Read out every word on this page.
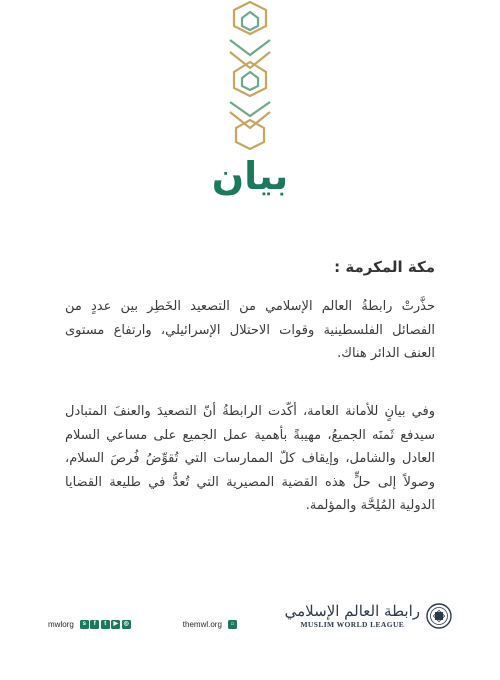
بيان

مكة المكرمة :

حذَّرتْ رابطةُ العالم الإسلامي من التصعيد الخَطِر بين عددٍ من الفصائل الفلسطينية وقوات الاحتلال الإسرائيلي، وارتفاع مستوى العنف الدائر هناك.

وفي بيانٍ للأمانة العامة، أكّدت الرابطةُ أنّ التصعيدَ والعنفَ المتبادل سيدفع ثَمنَه الجميعُ، مهيبةً بأهمية عمل الجميع على مساعي السلام العادل والشامل، وإيقاف كلّ الممارسات التي تُقوِّضُ فُرصَ السلام، وصولاً إلى حلٍّ هذه القضية المصيرية التي تُعدُّ في طليعة القضايا الدولية المُلِحَّة والمؤلمة.

mwlorg	s	f	t	▶ ◎	themwl.org	⌂
رابطة العالم الإسلامي
MUSLIM WORLD LEAGUE
